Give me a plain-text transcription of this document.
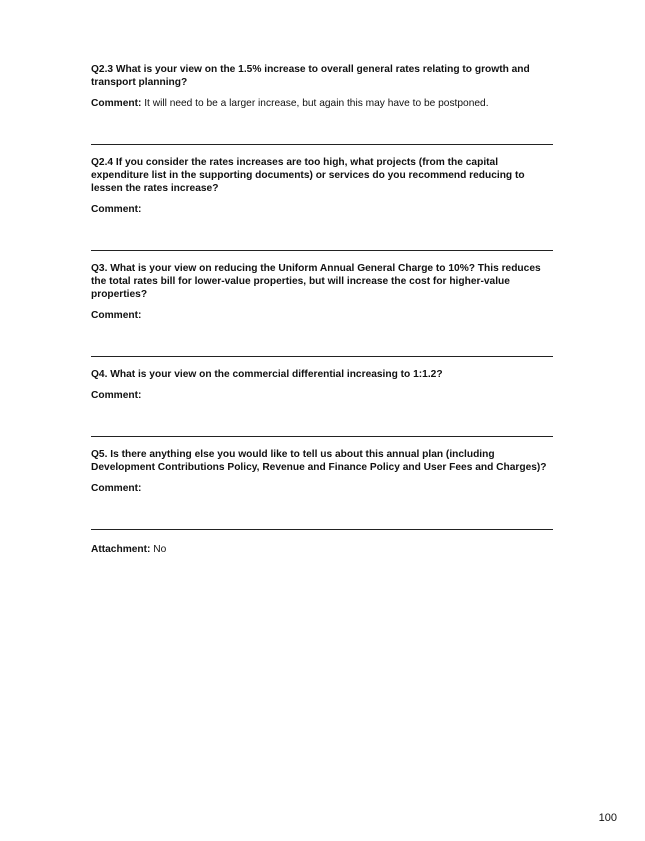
Q2.3 What is your view on the 1.5% increase to overall general rates relating to growth and transport planning?

Comment: It will need to be a larger increase, but again this may have to be postponed.

Q2.4 If you consider the rates increases are too high, what projects (from the capital expenditure list in the supporting documents) or services do you recommend reducing to lessen the rates increase?

Comment:

Q3. What is your view on reducing the Uniform Annual General Charge to 10%? This reduces the total rates bill for lower-value properties, but will increase the cost for higher-value properties?

Comment:

Q4. What is your view on the commercial differential increasing to 1:1.2?

Comment:

Q5. Is there anything else you would like to tell us about this annual plan (including Development Contributions Policy, Revenue and Finance Policy and User Fees and Charges)?

Comment:
Attachment: No
100
